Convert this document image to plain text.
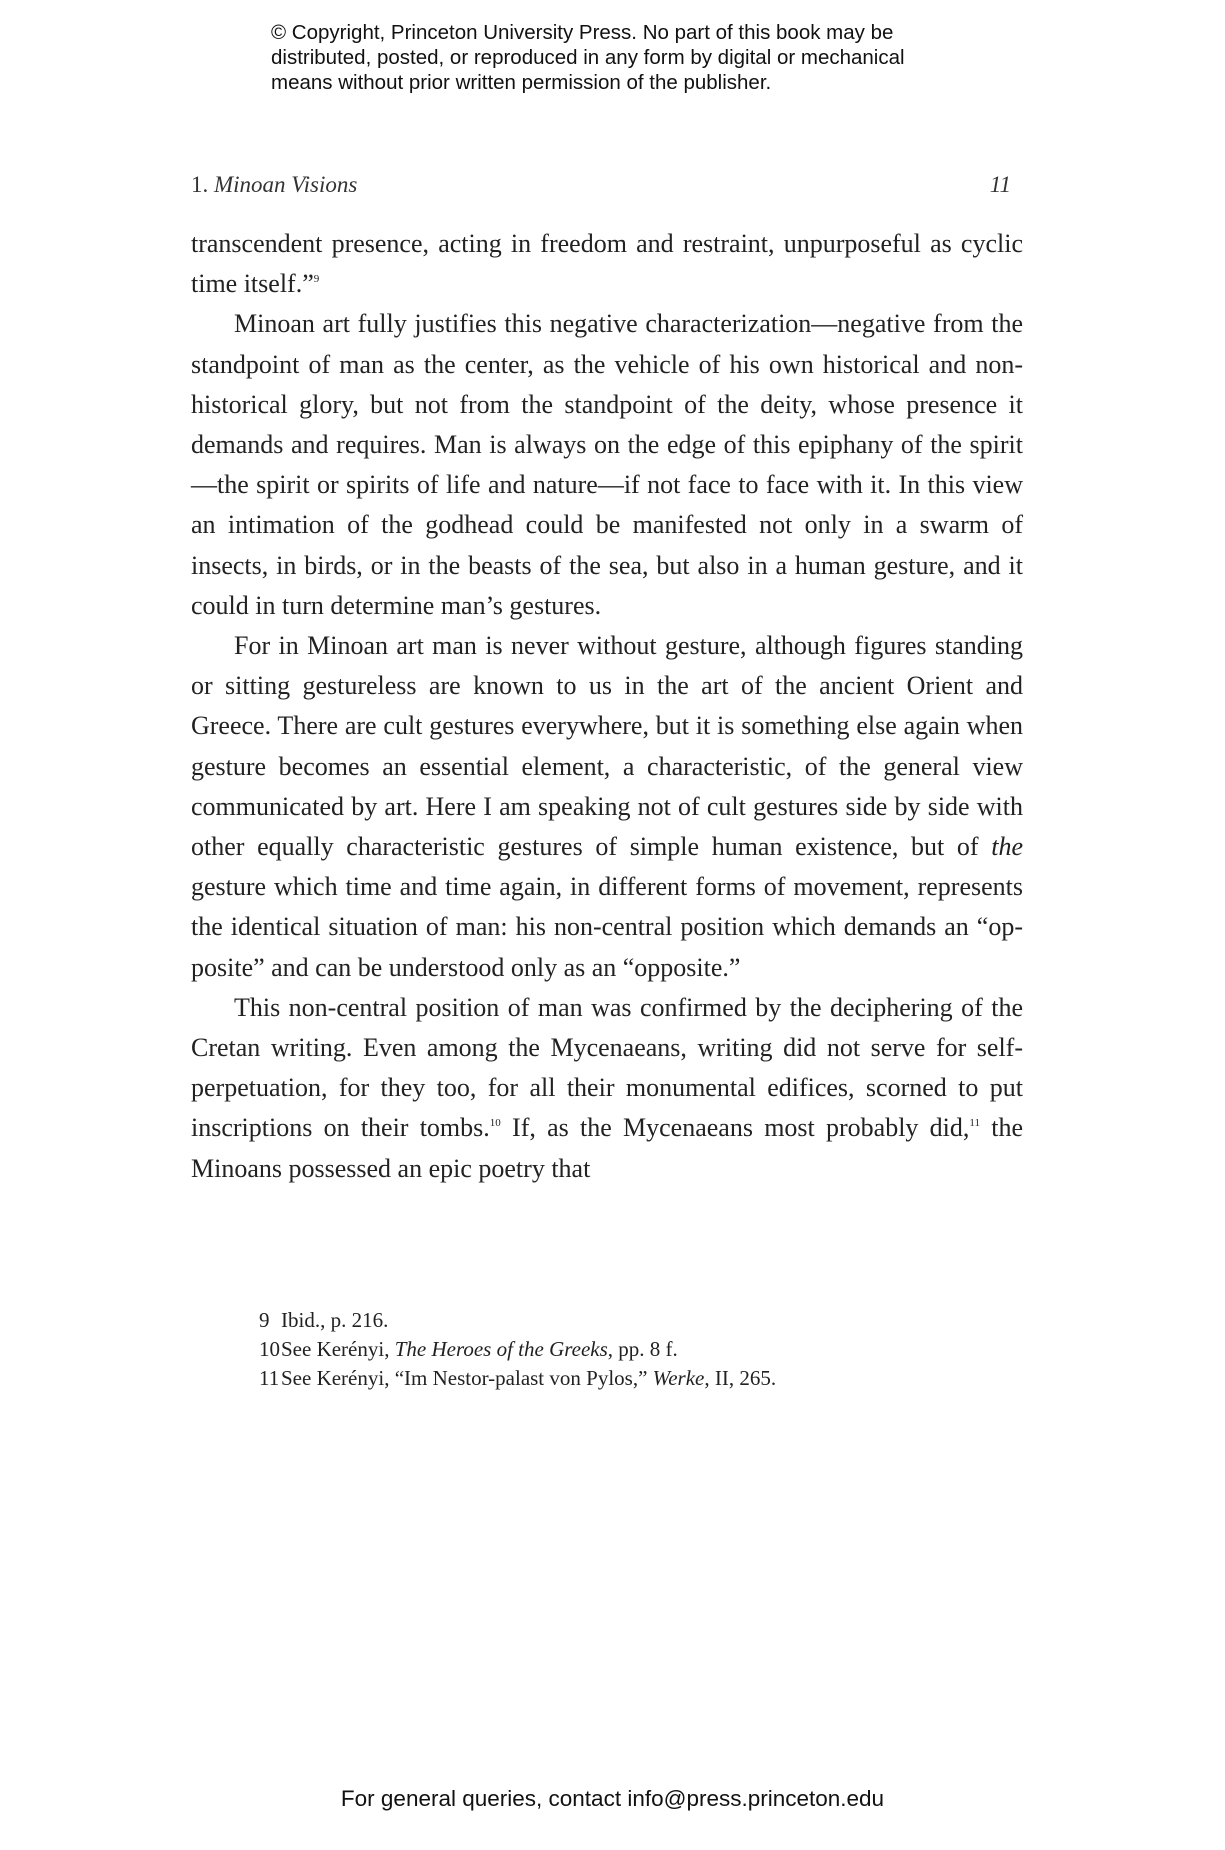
© Copyright, Princeton University Press. No part of this book may be
distributed, posted, or reproduced in any form by digital or mechanical
means without prior written permission of the publisher.
1. Minoan Visions	11

transcendent presence, acting in freedom and restraint, unpurposeful as cyclic time itself.”$^9$

Minoan art fully justifies this negative characterization—negative from the standpoint of man as the center, as the vehicle of his own historical and non-historical glory, but not from the standpoint of the deity, whose presence it demands and requires. Man is always on the edge of this epiphany of the spirit—the spirit or spirits of life and nature—if not face to face with it. In this view an intimation of the godhead could be manifested not only in a swarm of insects, in birds, or in the beasts of the sea, but also in a human gesture, and it could in turn determine man’s gestures.

For in Minoan art man is never without gesture, although figures standing or sitting gestureless are known to us in the art of the ancient Orient and Greece. There are cult gestures everywhere, but it is something else again when gesture becomes an essential element, a characteristic, of the general view communicated by art. Here I am speaking not of cult gestures side by side with other equally characteristic gestures of simple human existence, but of the gesture which time and time again, in different forms of movement, represents the identical situation of man: his non-central position which demands an “opposite” and can be understood only as an “opposite.”

This non-central position of man was confirmed by the deciphering of the Cretan writing. Even among the Mycenaeans, writing did not serve for self-perpetuation, for they too, for all their monumental edifices, scorned to put inscriptions on their tombs.$^{10}$ If, as the Mycenaeans most probably did,$^{11}$ the Minoans possessed an epic poetry that

9 Ibid., p. 216.
10 See Kerényi, The Heroes of the Greeks, pp. 8 f.
11 See Kerényi, “Im Nestor-palast von Pylos,” Werke, II, 265.
For general queries, contact info@press.princeton.edu
